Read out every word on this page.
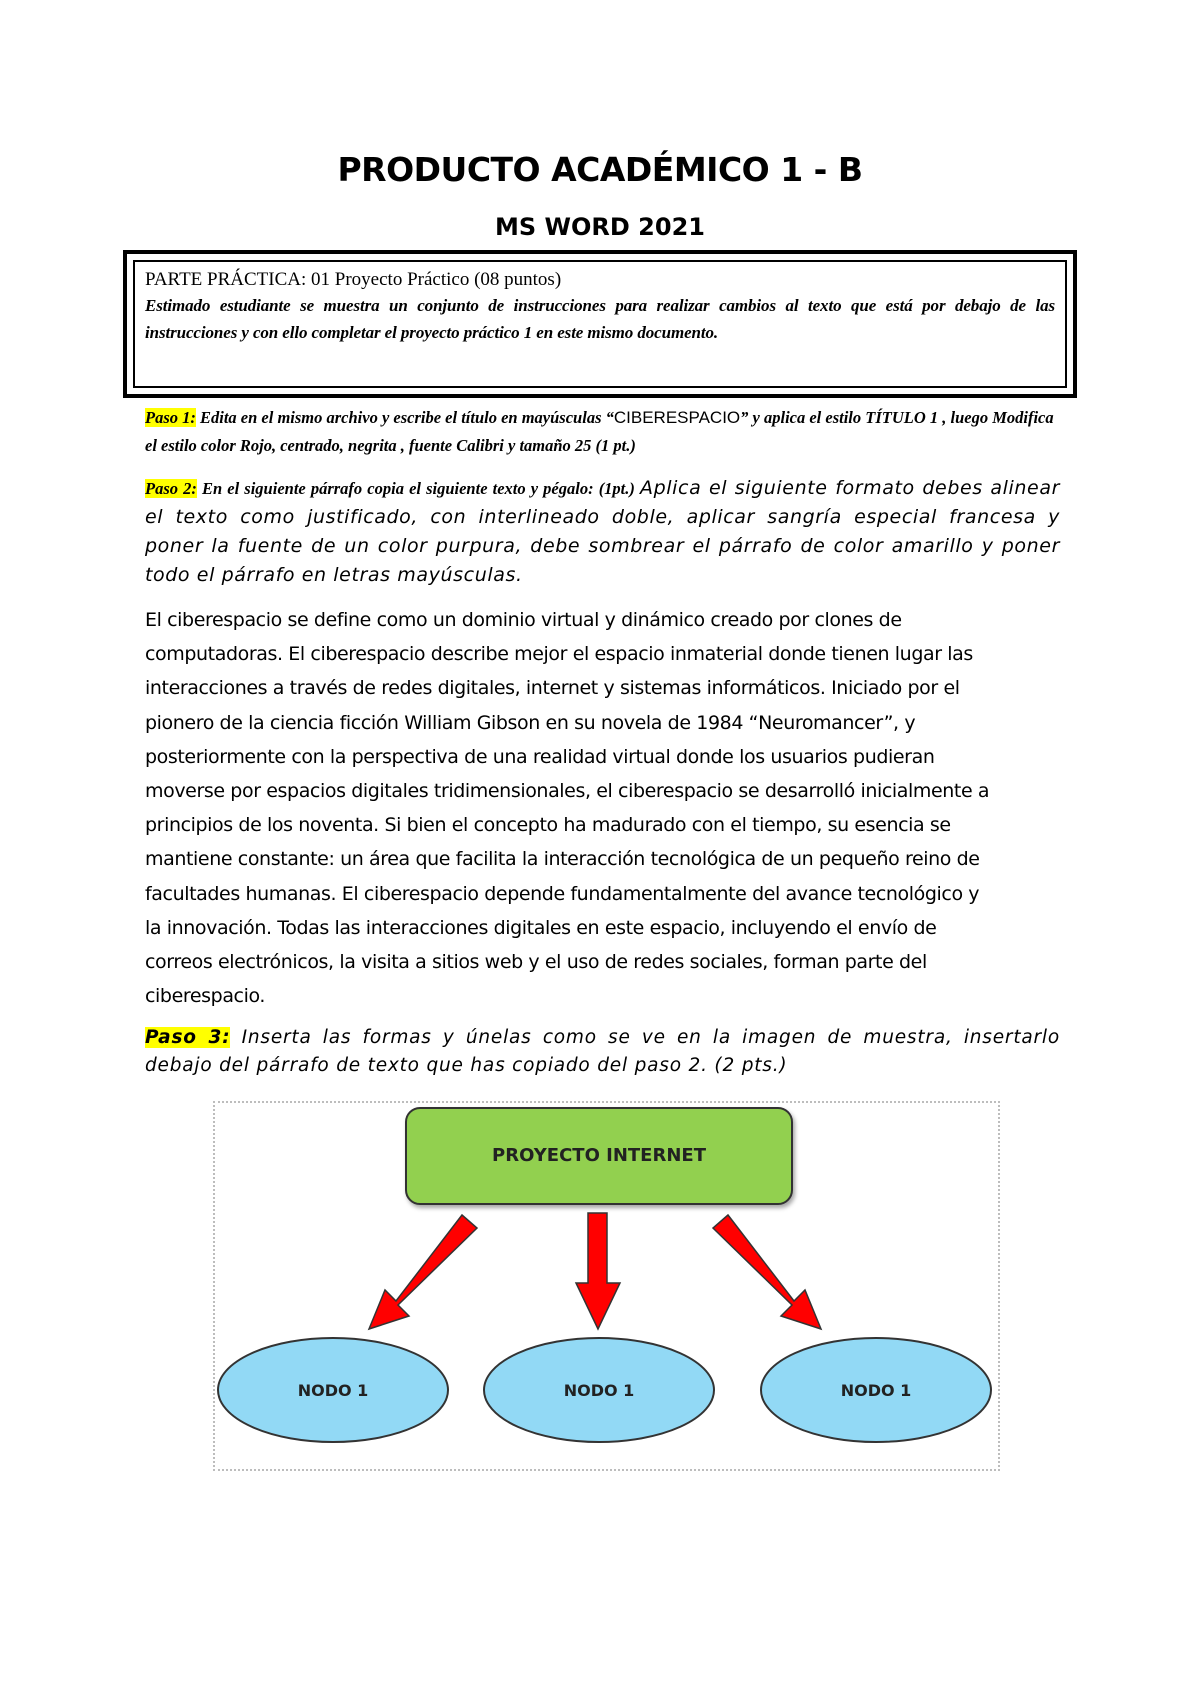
PRODUCTO ACADÉMICO 1 - B
MS WORD 2021
PARTE PRÁCTICA: 01 Proyecto Práctico (08 puntos)
Estimado estudiante se muestra un conjunto de instrucciones para realizar cambios al texto que está por debajo de las instrucciones y con ello completar el proyecto práctico 1 en este mismo documento.
Paso 1: Edita en el mismo archivo y escribe el título en mayúsculas “CIBERESPACIO” y aplica el estilo TÍTULO 1 , luego Modifica el estilo color Rojo, centrado, negrita , fuente Calibri y tamaño 25 (1 pt.)
Paso 2: En el siguiente párrafo copia el siguiente texto y pégalo: (1pt.) Aplica el siguiente formato debes alinear el texto como justificado, con interlineado doble, aplicar sangría especial francesa y poner la fuente de un color purpura, debe sombrear el párrafo de color amarillo y poner todo el párrafo en letras mayúsculas.
El ciberespacio se define como un dominio virtual y dinámico creado por clones de
computadoras. El ciberespacio describe mejor el espacio inmaterial donde tienen lugar las
interacciones a través de redes digitales, internet y sistemas informáticos. Iniciado por el
pionero de la ciencia ficción William Gibson en su novela de 1984 “Neuromancer”, y
posteriormente con la perspectiva de una realidad virtual donde los usuarios pudieran
moverse por espacios digitales tridimensionales, el ciberespacio se desarrolló inicialmente a
principios de los noventa. Si bien el concepto ha madurado con el tiempo, su esencia se
mantiene constante: un área que facilita la interacción tecnológica de un pequeño reino de
facultades humanas. El ciberespacio depende fundamentalmente del avance tecnológico y
la innovación. Todas las interacciones digitales en este espacio, incluyendo el envío de
correos electrónicos, la visita a sitios web y el uso de redes sociales, forman parte del
ciberespacio.
Paso 3: Inserta las formas y únelas como se ve en la imagen de muestra, insertarlo debajo del párrafo de texto que has copiado del paso 2. (2 pts.)
PROYECTO INTERNET
NODO 1	NODO 1	NODO 1
